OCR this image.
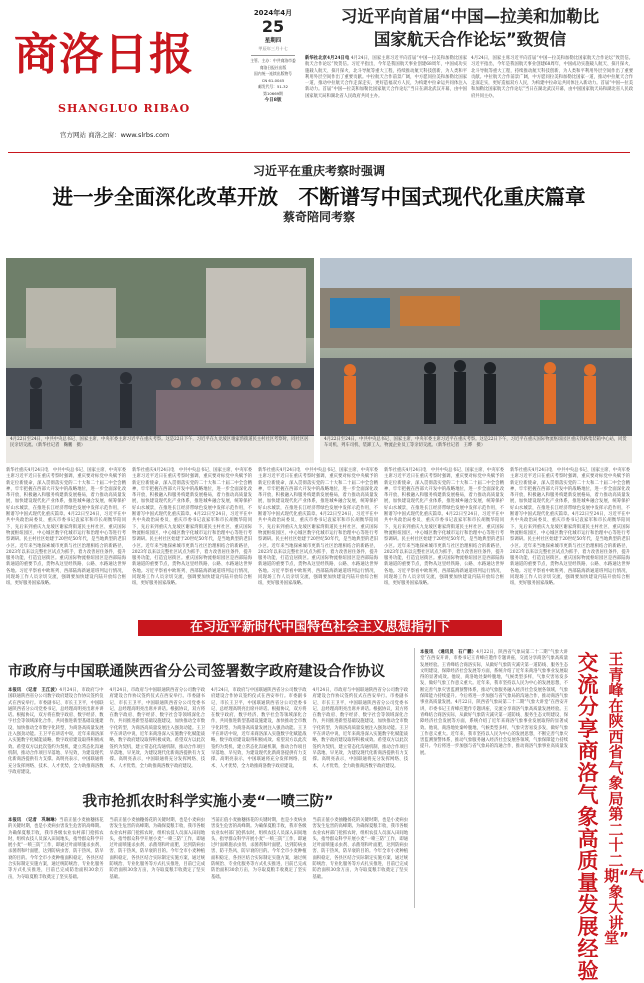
商洛日报
SHANGLUO RIBAO
官方网站 商洛之窗：www.slrbs.com
2024年4月
25
星期四
甲辰年三月十七
主管、主办：中共商洛市委
商洛日报社出版
国内统一连续出版物号
CN 61-0045
邮发代号：51-32
第10669期
今日8版
习近平向首届“中国—拉美和加勒比
国家航天合作论坛”致贺信
新华社北京4月24日电 4月24日，国家主席习近平向首届“中国—拉美和加勒比国家航天合作论坛”致贺信。习近平指出，今年是我国航天事业创建68周年，中国成功实施载人航天、探月探火、北斗导航等重大工程，持续推动航天科技创新，为人类和平利用外层空间作出了重要贡献。中拉航天合作前景广阔，中方愿同拉美和加勒比国家一道，推动中拉航天合作走深走实，更好造福双方人民，为构建中拉命运共同体注入新动力。首届“中国—拉美和加勒比国家航天合作论坛”当日在湖北武汉开幕，由中国国家航天局和湖北省人民政府共同主办。
4月24日，国家主席习近平向首届“中国—拉美和加勒比国家航天合作论坛”致贺信。习近平指出，今年是我国航天事业创建68周年，中国成功实施载人航天、探月探火、北斗导航等重大工程，持续推动航天科技创新，为人类和平利用外层空间作出了重要贡献。中拉航天合作前景广阔，中方愿同拉美和加勒比国家一道，推动中拉航天合作走深走实，更好造福双方人民，为构建中拉命运共同体注入新动力。首届“中国—拉美和加勒比国家航天合作论坛”当日在湖北武汉开幕，由中国国家航天局和湖北省人民政府共同主办。
习近平在重庆考察时强调
进一步全面深化改革开放　不断谱写中国式现代化重庆篇章
蔡奇陪同考察
4月22日至24日，中共中央总书记、国家主席、中央军委主席习近平在重庆考察。这是22日下午，习近平在九龙坡区谢家湾街道民主村社区考察时，同社区居民亲切交流。（新华社记者　鞠鹏　摄）
4月22日至24日，中共中央总书记、国家主席、中央军委主席习近平在重庆考察。这是22日下午，习近平在重庆国际物流枢纽园区重庆铁路集装箱中心站，同货车司机、列车司机、装卸工人、物流企业员工等亲切交流。（新华社记者　王晔　摄）
新华社重庆4月24日电　中共中央总书记、国家主席、中央军委主席习近平近日在重庆考察时强调，重庆要对标党中央赋予的新定位新使命，深入贯彻落实党的二十大和二十届二中全会精神，牢牢把握在西部大开发中的战略地位，进一步全面深化改革开放，积极融入和服务构建新发展格局，着力推动高质量发展，加快建设现代化产业体系，推进城乡融合发展，统筹保护好山水城景，在推进长江经济带绿色发展中发挥示范作用，不断谱写中国式现代化重庆篇章。4月22日至24日，习近平在中共中央政治局委员、重庆市委书记袁家军和市长胡衡华陪同下，先后来到重庆九龙坡区谢家湾街道民主村社区、重庆国际物流枢纽园区、中心城区数字化城市运行和治理中心等进行考察调研。民主村社区始建于20世纪50年代，是当地典型的老旧小区。近年来当地探索城市更新与社区治理相结合的新路径，2023年以来以完整社区试点为抓手，着力改善居住条件，提升服务功能，打造宜居街区。重庆国际物流枢纽园区是西部陆海新通道的重要节点，货物从这里经铁路、公路、水路通达世界各地。习近平察看中欧班列、西部陆海新通道班列运行情况，同现场工作人员亲切交流，强调要加快建设内陆开放综合枢纽，更好服务国家战略。
新华社重庆4月24日电　中共中央总书记、国家主席、中央军委主席习近平近日在重庆考察时强调，重庆要对标党中央赋予的新定位新使命，深入贯彻落实党的二十大和二十届二中全会精神，牢牢把握在西部大开发中的战略地位，进一步全面深化改革开放，积极融入和服务构建新发展格局，着力推动高质量发展，加快建设现代化产业体系，推进城乡融合发展，统筹保护好山水城景，在推进长江经济带绿色发展中发挥示范作用，不断谱写中国式现代化重庆篇章。4月22日至24日，习近平在中共中央政治局委员、重庆市委书记袁家军和市长胡衡华陪同下，先后来到重庆九龙坡区谢家湾街道民主村社区、重庆国际物流枢纽园区、中心城区数字化城市运行和治理中心等进行考察调研。民主村社区始建于20世纪50年代，是当地典型的老旧小区。近年来当地探索城市更新与社区治理相结合的新路径，2023年以来以完整社区试点为抓手，着力改善居住条件，提升服务功能，打造宜居街区。重庆国际物流枢纽园区是西部陆海新通道的重要节点，货物从这里经铁路、公路、水路通达世界各地。习近平察看中欧班列、西部陆海新通道班列运行情况，同现场工作人员亲切交流，强调要加快建设内陆开放综合枢纽，更好服务国家战略。
新华社重庆4月24日电　中共中央总书记、国家主席、中央军委主席习近平近日在重庆考察时强调，重庆要对标党中央赋予的新定位新使命，深入贯彻落实党的二十大和二十届二中全会精神，牢牢把握在西部大开发中的战略地位，进一步全面深化改革开放，积极融入和服务构建新发展格局，着力推动高质量发展，加快建设现代化产业体系，推进城乡融合发展，统筹保护好山水城景，在推进长江经济带绿色发展中发挥示范作用，不断谱写中国式现代化重庆篇章。4月22日至24日，习近平在中共中央政治局委员、重庆市委书记袁家军和市长胡衡华陪同下，先后来到重庆九龙坡区谢家湾街道民主村社区、重庆国际物流枢纽园区、中心城区数字化城市运行和治理中心等进行考察调研。民主村社区始建于20世纪50年代，是当地典型的老旧小区。近年来当地探索城市更新与社区治理相结合的新路径，2023年以来以完整社区试点为抓手，着力改善居住条件，提升服务功能，打造宜居街区。重庆国际物流枢纽园区是西部陆海新通道的重要节点，货物从这里经铁路、公路、水路通达世界各地。习近平察看中欧班列、西部陆海新通道班列运行情况，同现场工作人员亲切交流，强调要加快建设内陆开放综合枢纽，更好服务国家战略。
新华社重庆4月24日电　中共中央总书记、国家主席、中央军委主席习近平近日在重庆考察时强调，重庆要对标党中央赋予的新定位新使命，深入贯彻落实党的二十大和二十届二中全会精神，牢牢把握在西部大开发中的战略地位，进一步全面深化改革开放，积极融入和服务构建新发展格局，着力推动高质量发展，加快建设现代化产业体系，推进城乡融合发展，统筹保护好山水城景，在推进长江经济带绿色发展中发挥示范作用，不断谱写中国式现代化重庆篇章。4月22日至24日，习近平在中共中央政治局委员、重庆市委书记袁家军和市长胡衡华陪同下，先后来到重庆九龙坡区谢家湾街道民主村社区、重庆国际物流枢纽园区、中心城区数字化城市运行和治理中心等进行考察调研。民主村社区始建于20世纪50年代，是当地典型的老旧小区。近年来当地探索城市更新与社区治理相结合的新路径，2023年以来以完整社区试点为抓手，着力改善居住条件，提升服务功能，打造宜居街区。重庆国际物流枢纽园区是西部陆海新通道的重要节点，货物从这里经铁路、公路、水路通达世界各地。习近平察看中欧班列、西部陆海新通道班列运行情况，同现场工作人员亲切交流，强调要加快建设内陆开放综合枢纽，更好服务国家战略。
新华社重庆4月24日电　中共中央总书记、国家主席、中央军委主席习近平近日在重庆考察时强调，重庆要对标党中央赋予的新定位新使命，深入贯彻落实党的二十大和二十届二中全会精神，牢牢把握在西部大开发中的战略地位，进一步全面深化改革开放，积极融入和服务构建新发展格局，着力推动高质量发展，加快建设现代化产业体系，推进城乡融合发展，统筹保护好山水城景，在推进长江经济带绿色发展中发挥示范作用，不断谱写中国式现代化重庆篇章。4月22日至24日，习近平在中共中央政治局委员、重庆市委书记袁家军和市长胡衡华陪同下，先后来到重庆九龙坡区谢家湾街道民主村社区、重庆国际物流枢纽园区、中心城区数字化城市运行和治理中心等进行考察调研。民主村社区始建于20世纪50年代，是当地典型的老旧小区。近年来当地探索城市更新与社区治理相结合的新路径，2023年以来以完整社区试点为抓手，着力改善居住条件，提升服务功能，打造宜居街区。重庆国际物流枢纽园区是西部陆海新通道的重要节点，货物从这里经铁路、公路、水路通达世界各地。习近平察看中欧班列、西部陆海新通道班列运行情况，同现场工作人员亲切交流，强调要加快建设内陆开放综合枢纽，更好服务国家战略。
在习近平新时代中国特色社会主义思想指引下
市政府与中国联通陕西省分公司签署数字政府建设合作协议
本报讯　（记者　王江波）4月24日，市政府与中国联通陕西省分公司数字政府建设合作协议签约仪式在西安举行。市委副书记、市长王卫平，中国联通陕西省分公司党委书记、总经理高明亮出席并讲话。根据协议，双方将在数字政府、数字经济、数字社会等领域深化合作，共同推进新型基础设施建设，加快推动全市数字化转型，为商洛高质量发展注入强劲动能。王卫平在讲话中说，近年来商洛深入实施数字化赋能战略，数字政府建设取得积极成效。希望双方以此次签约为契机，建立常态化沟通机制，推动合作项目早落地、早见效，为建设现代化新商洛提供有力支撑。高明亮表示，中国联通将充分发挥网络、技术、人才优势，全力助推商洛数字政府建设。
4月24日，市政府与中国联通陕西省分公司数字政府建设合作协议签约仪式在西安举行。市委副书记、市长王卫平，中国联通陕西省分公司党委书记、总经理高明亮出席并讲话。根据协议，双方将在数字政府、数字经济、数字社会等领域深化合作，共同推进新型基础设施建设，加快推动全市数字化转型，为商洛高质量发展注入强劲动能。王卫平在讲话中说，近年来商洛深入实施数字化赋能战略，数字政府建设取得积极成效。希望双方以此次签约为契机，建立常态化沟通机制，推动合作项目早落地、早见效，为建设现代化新商洛提供有力支撑。高明亮表示，中国联通将充分发挥网络、技术、人才优势，全力助推商洛数字政府建设。
4月24日，市政府与中国联通陕西省分公司数字政府建设合作协议签约仪式在西安举行。市委副书记、市长王卫平，中国联通陕西省分公司党委书记、总经理高明亮出席并讲话。根据协议，双方将在数字政府、数字经济、数字社会等领域深化合作，共同推进新型基础设施建设，加快推动全市数字化转型，为商洛高质量发展注入强劲动能。王卫平在讲话中说，近年来商洛深入实施数字化赋能战略，数字政府建设取得积极成效。希望双方以此次签约为契机，建立常态化沟通机制，推动合作项目早落地、早见效，为建设现代化新商洛提供有力支撑。高明亮表示，中国联通将充分发挥网络、技术、人才优势，全力助推商洛数字政府建设。
4月24日，市政府与中国联通陕西省分公司数字政府建设合作协议签约仪式在西安举行。市委副书记、市长王卫平，中国联通陕西省分公司党委书记、总经理高明亮出席并讲话。根据协议，双方将在数字政府、数字经济、数字社会等领域深化合作，共同推进新型基础设施建设，加快推动全市数字化转型，为商洛高质量发展注入强劲动能。王卫平在讲话中说，近年来商洛深入实施数字化赋能战略，数字政府建设取得积极成效。希望双方以此次签约为契机，建立常态化沟通机制，推动合作项目早落地、早见效，为建设现代化新商洛提供有力支撑。高明亮表示，中国联通将充分发挥网络、技术、人才优势，全力助推商洛数字政府建设。
我市抢抓农时科学实施小麦“一喷三防”
本报讯　（记者　巩琳琳）当前正值小麦抽穗扬花的关键时期，也是小麦病虫害发生危害的高峰期。为确保夏粮丰收，我市各级农业农村部门抢抓农时，组织农技人员深入田间地头，指导群众科学开展小麦“一喷三防”工作，即通过叶面喷施杀虫剂、杀菌剂和叶面肥，达到防病虫害、防干热风、防早衰的目的。今年全市小麦种植面积稳定，各县区结合实际制定实施方案，通过统防统治、专业化服务等方式扎实推进，目前已完成防治面积30余万亩，为夺取夏粮丰收奠定了坚实基础。
当前正值小麦抽穗扬花的关键时期，也是小麦病虫害发生危害的高峰期。为确保夏粮丰收，我市各级农业农村部门抢抓农时，组织农技人员深入田间地头，指导群众科学开展小麦“一喷三防”工作，即通过叶面喷施杀虫剂、杀菌剂和叶面肥，达到防病虫害、防干热风、防早衰的目的。今年全市小麦种植面积稳定，各县区结合实际制定实施方案，通过统防统治、专业化服务等方式扎实推进，目前已完成防治面积30余万亩，为夺取夏粮丰收奠定了坚实基础。
当前正值小麦抽穗扬花的关键时期，也是小麦病虫害发生危害的高峰期。为确保夏粮丰收，我市各级农业农村部门抢抓农时，组织农技人员深入田间地头，指导群众科学开展小麦“一喷三防”工作，即通过叶面喷施杀虫剂、杀菌剂和叶面肥，达到防病虫害、防干热风、防早衰的目的。今年全市小麦种植面积稳定，各县区结合实际制定实施方案，通过统防统治、专业化服务等方式扎实推进，目前已完成防治面积30余万亩，为夺取夏粮丰收奠定了坚实基础。
当前正值小麦抽穗扬花的关键时期，也是小麦病虫害发生危害的高峰期。为确保夏粮丰收，我市各级农业农村部门抢抓农时，组织农技人员深入田间地头，指导群众科学开展小麦“一喷三防”工作，即通过叶面喷施杀虫剂、杀菌剂和叶面肥，达到防病虫害、防干热风、防早衰的目的。今年全市小麦种植面积稳定，各县区结合实际制定实施方案，通过统防统治、专业化服务等方式扎实推进，目前已完成防治面积30余万亩，为夺取夏粮丰收奠定了坚实基础。
本报讯　（通讯员　石广鹏）4月22日，陕西省气象局第二十二期“气象大讲堂”在西安开讲，市委书记王青峰应邀作专题讲座，交流分享商洛气象高质量发展经验。王青峰结合商洛实际，从做好气象防灾减灾第一道防线、服务生态文明建设、保障经济社会发展等方面，系统介绍了近年来商洛气象事业发展取得的显著成效。他说，商洛地处秦岭腹地，气候类型多样，气象灾害易发多发，做好气象工作意义重大。近年来，我市坚持以人民为中心的发展思想，不断完善气象灾害监测预警体系，推动气象服务融入经济社会发展各领域，气象保障能力持续提升。今后将进一步加强与省气象局的沟通合作，推动商洛气象事业高质量发展。4月22日，陕西省气象局第二十二期“气象大讲堂”在西安开讲，市委书记王青峰应邀作专题讲座，交流分享商洛气象高质量发展经验。王青峰结合商洛实际，从做好气象防灾减灾第一道防线、服务生态文明建设、保障经济社会发展等方面，系统介绍了近年来商洛气象事业发展取得的显著成效。他说，商洛地处秦岭腹地，气候类型多样，气象灾害易发多发，做好气象工作意义重大。近年来，我市坚持以人民为中心的发展思想，不断完善气象灾害监测预警体系，推动气象服务融入经济社会发展各领域，气象保障能力持续提升。今后将进一步加强与省气象局的沟通合作，推动商洛气象事业高质量发展。
交流分享商洛气象高质量发展经验
王青峰在陕西省气象局第二十二期“气象大讲堂”
